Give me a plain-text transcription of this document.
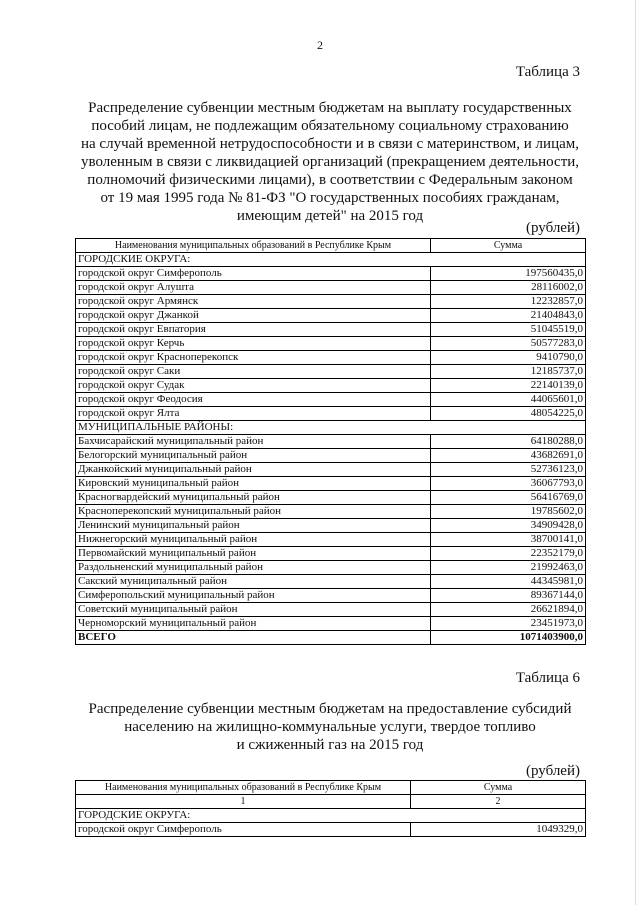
2
Таблица 3
Распределение субвенции местным бюджетам на выплату государственных
пособий лицам, не подлежащим обязательному социальному страхованию
на случай временной нетрудоспособности и в связи с материнством, и лицам,
уволенным в связи с ликвидацией организаций (прекращением деятельности,
полномочий физическими лицами), в соответствии с Федеральным законом
от 19 мая 1995 года № 81-ФЗ "О государственных пособиях гражданам,
имеющим детей" на 2015 год
(рублей)
Наименования муниципальных образований в Республике Крым	Сумма
ГОРОДСКИЕ ОКРУГА:	
городской округ Симферополь	197560435,0
городской округ Алушта	28116002,0
городской округ Армянск	12232857,0
городской округ Джанкой	21404843,0
городской округ Евпатория	51045519,0
городской округ Керчь	50577283,0
городской округ Красноперекопск	9410790,0
городской округ Саки	12185737,0
городской округ Судак	22140139,0
городской округ Феодосия	44065601,0
городской округ Ялта	48054225,0
МУНИЦИПАЛЬНЫЕ РАЙОНЫ:	
Бахчисарайский муниципальный район	64180288,0
Белогорский муниципальный район	43682691,0
Джанкойский муниципальный район	52736123,0
Кировский муниципальный район	36067793,0
Красногвардейский муниципальный район	56416769,0
Красноперекопский муниципальный район	19785602,0
Ленинский муниципальный район	34909428,0
Нижнегорский муниципальный район	38700141,0
Первомайский муниципальный район	22352179,0
Раздольненский муниципальный район	21992463,0
Сакский муниципальный район	44345981,0
Симферопольский муниципальный район	89367144,0
Советский муниципальный район	26621894,0
Черноморский муниципальный район	23451973,0
ВСЕГО	1071403900,0
Таблица 6
Распределение субвенции местным бюджетам на предоставление субсидий
населению на жилищно-коммунальные услуги, твердое топливо
и сжиженный газ на 2015 год
(рублей)
Наименования муниципальных образований в Республике Крым	Сумма
1	2
ГОРОДСКИЕ ОКРУГА:	
городской округ Симферополь	1049329,0
